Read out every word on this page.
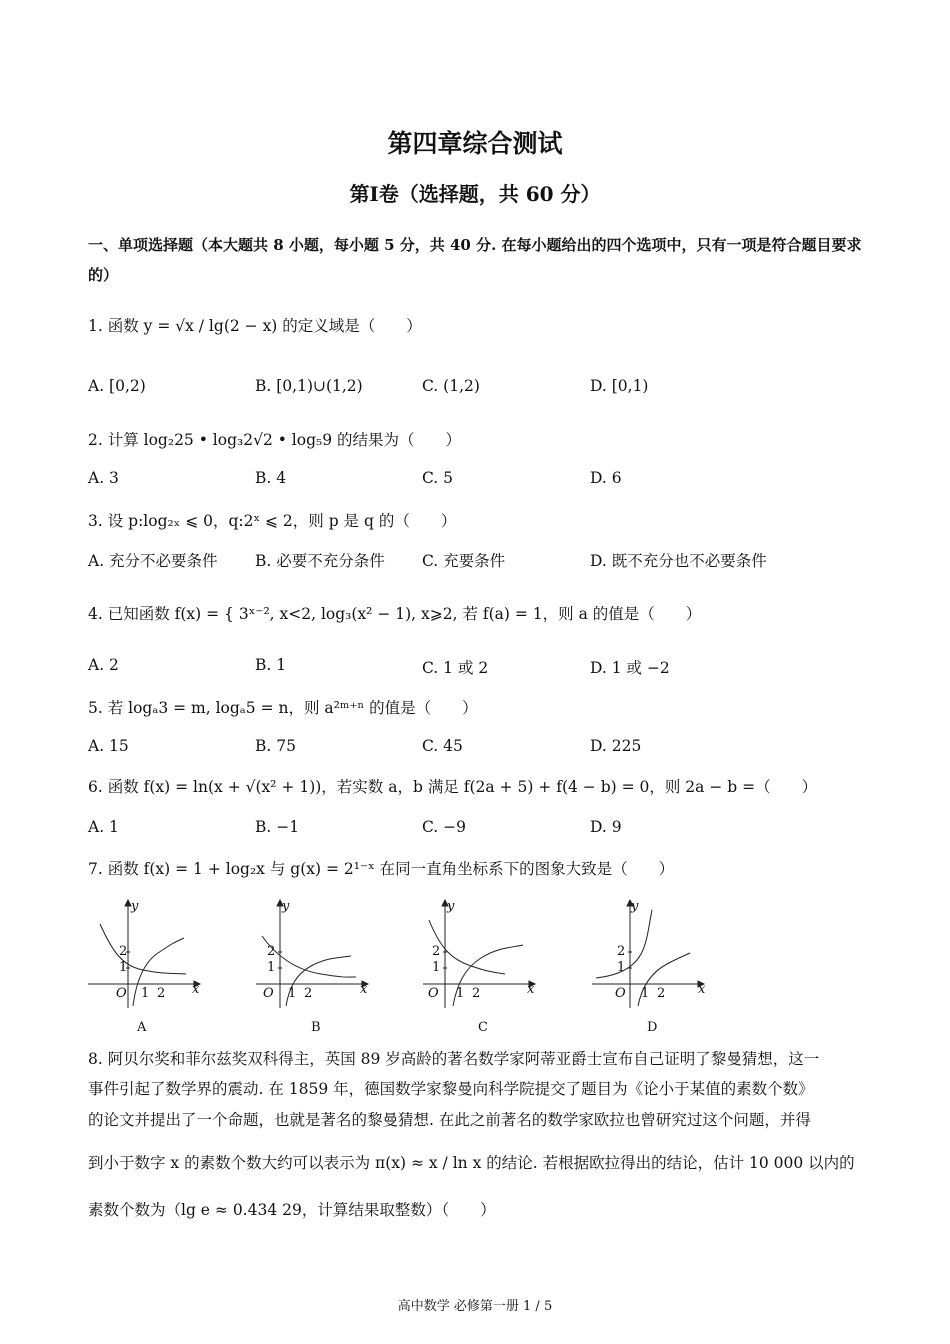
第四章综合测试
第Ⅰ卷（选择题，共 60 分）
一、单项选择题（本大题共 8 小题，每小题 5 分，共 40 分. 在每小题给出的四个选项中，只有一项是符合题目要求的）
1. 函数 y = √x / lg(2 − x) 的定义域是（　　）
A. [0,2)	B. [0,1)∪(1,2)	C. (1,2)	D. [0,1)
2. 计算 log₂25 • log₃2√2 • log₅9 的结果为（　　）
A. 3	B. 4	C. 5	D. 6
3. 设 p:log₂ₓ ⩽ 0，q:2ˣ ⩽ 2，则 p 是 q 的（　　）
A. 充分不必要条件 B. 必要不充分条件 C. 充要条件	D. 既不充分也不必要条件
4. 已知函数 f(x) = { 3ˣ⁻², x<2, log₃(x² − 1), x⩾2, 若 f(a) = 1，则 a 的值是（　　）
A. 2	B. 1	C. 1 或 2	D. 1 或 −2
5. 若 logₐ3 = m, logₐ5 = n，则 a²ᵐ⁺ⁿ 的值是（　　）
A. 15	B. 75	C. 45	D. 225
6. 函数 f(x) = ln(x + √(x² + 1))，若实数 a，b 满足 f(2a + 5) + f(4 − b) = 0，则 2a − b =（　　）
A. 1	B. −1	C. −9	D. 9
7. 函数 f(x) = 1 + log₂x 与 g(x) = 2¹⁻ˣ 在同一直角坐标系下的图象大致是（　　）
y
x
O
1
2
1 2
A
y
x
O
1
2
1 2
B
y
x
O
1
2
1 2
C
y
x
O
1
2
1 2
D
8. 阿贝尔奖和菲尔兹奖双科得主，英国 89 岁高龄的著名数学家阿蒂亚爵士宣布自己证明了黎曼猜想，这一
事件引起了数学界的震动. 在 1859 年，德国数学家黎曼向科学院提交了题目为《论小于某值的素数个数》
的论文并提出了一个命题，也就是著名的黎曼猜想. 在此之前著名的数学家欧拉也曾研究过这个问题，并得
到小于数字 x 的素数个数大约可以表示为 π(x) ≈ x / ln x 的结论. 若根据欧拉得出的结论，估计 10 000 以内的
素数个数为（lg e ≈ 0.434 29，计算结果取整数）（　　）
高中数学 必修第一册 1 / 5
